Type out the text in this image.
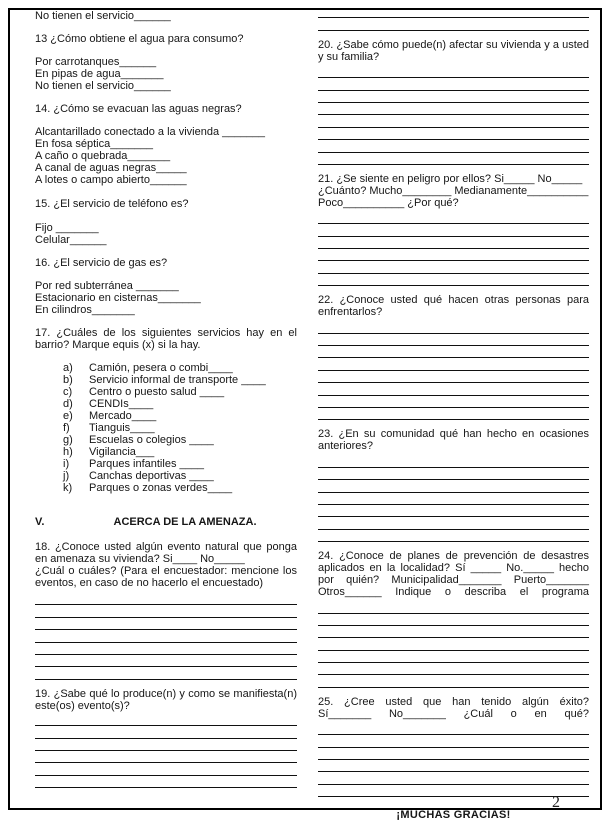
No tienen el servicio______
13 ¿Cómo obtiene el agua para consumo?
Por carrotanques______
En pipas de agua_______
No tienen el servicio______
14. ¿Cómo se evacuan las aguas negras?
Alcantarillado conectado a la vivienda _______
En fosa séptica_______
A caño o quebrada_______
A canal de aguas negras_____
A lotes o campo abierto______
15. ¿El servicio de teléfono es?
Fijo _______
Celular______
16. ¿El servicio de gas es?
Por red subterránea _______
Estacionario en cisternas_______
En cilindros_______
17. ¿Cuáles de los siguientes servicios hay en el barrio? Marque equis (x) si la hay.
a)	Camión, pesera o combi____
b)	Servicio informal de transporte ____
c)	Centro o puesto salud ____
d)	CENDIs____
e)	Mercado____
f)	Tianguis____
g)	Escuelas o colegios ____
h)	Vigilancia___
i)	Parques infantiles ____
j)	Canchas deportivas ____
k)	Parques o zonas verdes____
V.	ACERCA DE LA AMENAZA.
18. ¿Conoce usted algún evento natural que ponga en amenaza su vivienda? Si____ No_____
¿Cuál o cuáles? (Para el encuestador: mencione los eventos, en caso de no hacerlo el encuestado)
19. ¿Sabe qué lo produce(n) y como se manifiesta(n) este(os) evento(s)?
20. ¿Sabe cómo puede(n) afectar su vivienda y a usted y su familia?
21. ¿Se siente en peligro por ellos? Si_____ No_____
¿Cuánto? Mucho________ Medianamente__________
Poco__________ ¿Por qué?
22. ¿Conoce usted qué hacen otras personas para enfrentarlos?
23. ¿En su comunidad qué han hecho en ocasiones anteriores?
24. ¿Conoce de planes de prevención de desastres aplicados en la localidad? Sí _____ No._____ hecho por quién? Municipalidad_______ Puerto_______ Otros______ Indique o describa el programa
25. ¿Cree usted que han tenido algún éxito? Sí_______ No_______ ¿Cuál o en qué?
¡MUCHAS GRACIAS!
2
